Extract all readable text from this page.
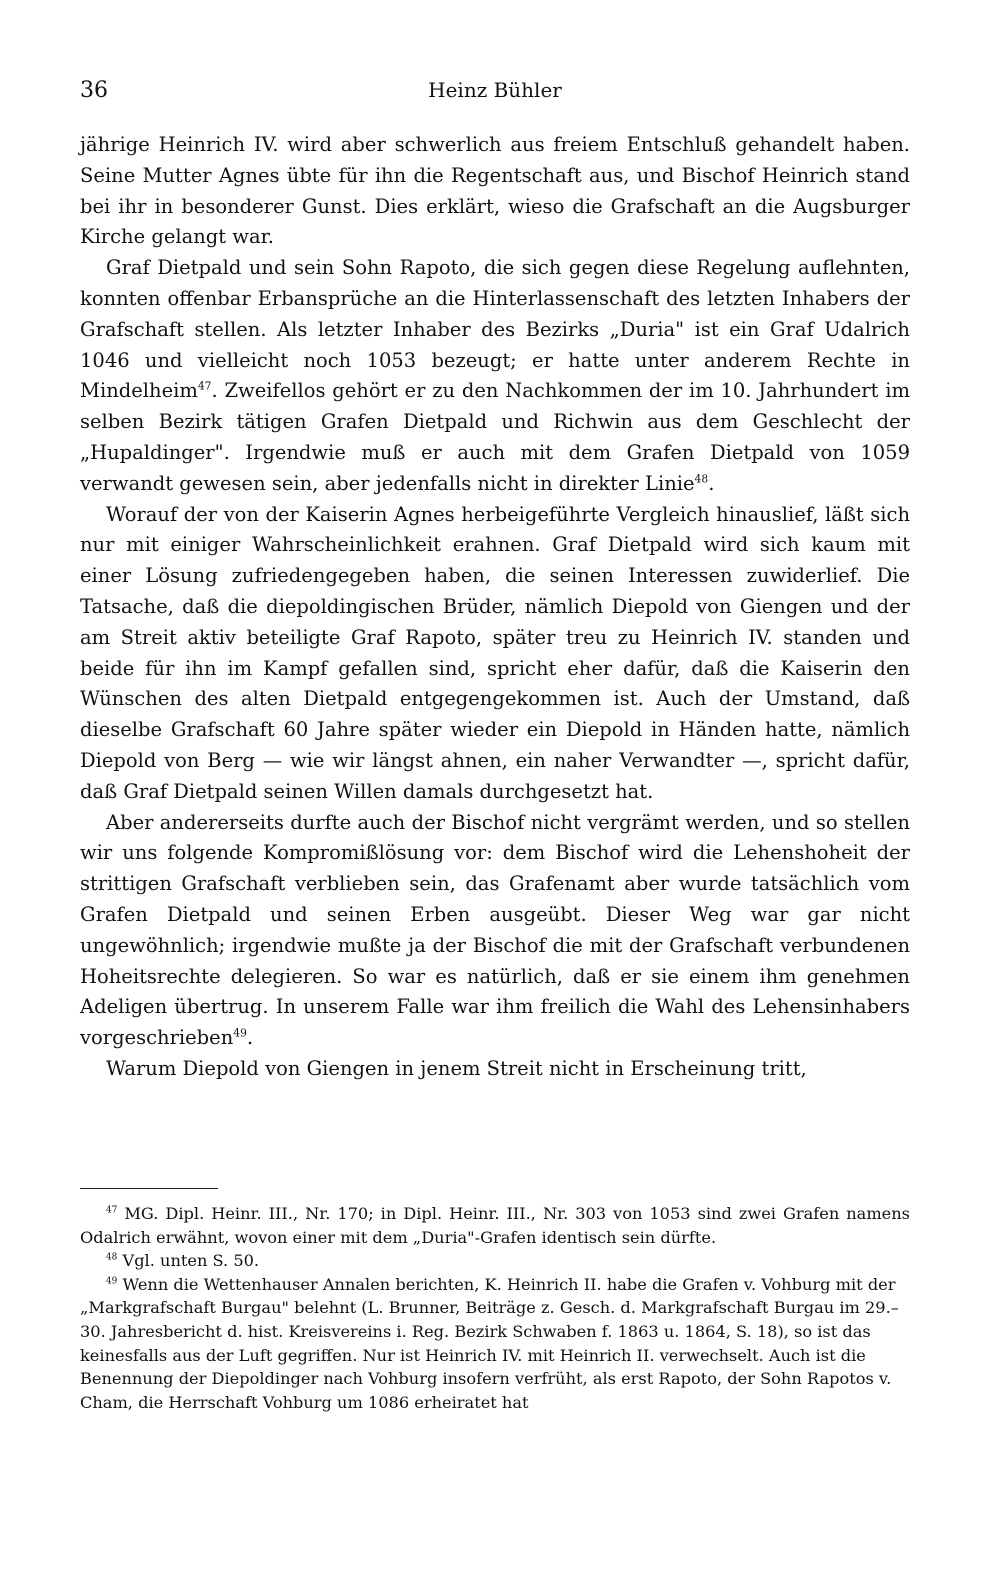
36	Heinz Bühler

jährige Heinrich IV. wird aber schwerlich aus freiem Entschluß gehandelt haben. Seine Mutter Agnes übte für ihn die Regentschaft aus, und Bischof Heinrich stand bei ihr in besonderer Gunst. Dies erklärt, wieso die Grafschaft an die Augsburger Kirche gelangt war.

Graf Dietpald und sein Sohn Rapoto, die sich gegen diese Regelung auflehnten, konnten offenbar Erbansprüche an die Hinterlassenschaft des letzten Inhabers der Grafschaft stellen. Als letzter Inhaber des Bezirks „Duria" ist ein Graf Udalrich 1046 und vielleicht noch 1053 bezeugt; er hatte unter anderem Rechte in Mindelheim$^{47}$. Zweifellos gehört er zu den Nachkommen der im 10. Jahrhundert im selben Bezirk tätigen Grafen Dietpald und Richwin aus dem Geschlecht der „Hupaldinger". Irgendwie muß er auch mit dem Grafen Dietpald von 1059 verwandt gewesen sein, aber jedenfalls nicht in direkter Linie$^{48}$.

Worauf der von der Kaiserin Agnes herbeigeführte Vergleich hinauslief, läßt sich nur mit einiger Wahrscheinlichkeit erahnen. Graf Dietpald wird sich kaum mit einer Lösung zufriedengegeben haben, die seinen Interessen zuwiderlief. Die Tatsache, daß die diepoldingischen Brüder, nämlich Diepold von Giengen und der am Streit aktiv beteiligte Graf Rapoto, später treu zu Heinrich IV. standen und beide für ihn im Kampf gefallen sind, spricht eher dafür, daß die Kaiserin den Wünschen des alten Dietpald entgegengekommen ist. Auch der Umstand, daß dieselbe Grafschaft 60 Jahre später wieder ein Diepold in Händen hatte, nämlich Diepold von Berg — wie wir längst ahnen, ein naher Verwandter —, spricht dafür, daß Graf Dietpald seinen Willen damals durchgesetzt hat.

Aber andererseits durfte auch der Bischof nicht vergrämt werden, und so stellen wir uns folgende Kompromißlösung vor: dem Bischof wird die Lehenshoheit der strittigen Grafschaft verblieben sein, das Grafenamt aber wurde tatsächlich vom Grafen Dietpald und seinen Erben ausgeübt. Dieser Weg war gar nicht ungewöhnlich; irgendwie mußte ja der Bischof die mit der Grafschaft verbundenen Hoheitsrechte delegieren. So war es natürlich, daß er sie einem ihm genehmen Adeligen übertrug. In unserem Falle war ihm freilich die Wahl des Lehensinhabers vorgeschrieben$^{49}$.

Warum Diepold von Giengen in jenem Streit nicht in Erscheinung tritt,

$^{47}$ MG. Dipl. Heinr. III., Nr. 170; in Dipl. Heinr. III., Nr. 303 von 1053 sind zwei Grafen namens Odalrich erwähnt, wovon einer mit dem „Duria"-Grafen identisch sein dürfte.

$^{48}$ Vgl. unten S. 50.

$^{49}$ Wenn die Wettenhauser Annalen berichten, K. Heinrich II. habe die Grafen v. Vohburg mit der „Markgrafschaft Burgau" belehnt (L. Brunner, Beiträge z. Gesch. d. Markgrafschaft Burgau im 29.–30. Jahresbericht d. hist. Kreisvereins i. Reg. Bezirk Schwaben f. 1863 u. 1864, S. 18), so ist das keinesfalls aus der Luft gegriffen. Nur ist Heinrich IV. mit Heinrich II. verwechselt. Auch ist die Benennung der Diepoldinger nach Vohburg insofern verfrüht, als erst Rapoto, der Sohn Rapotos v. Cham, die Herrschaft Vohburg um 1086 erheiratet hat
